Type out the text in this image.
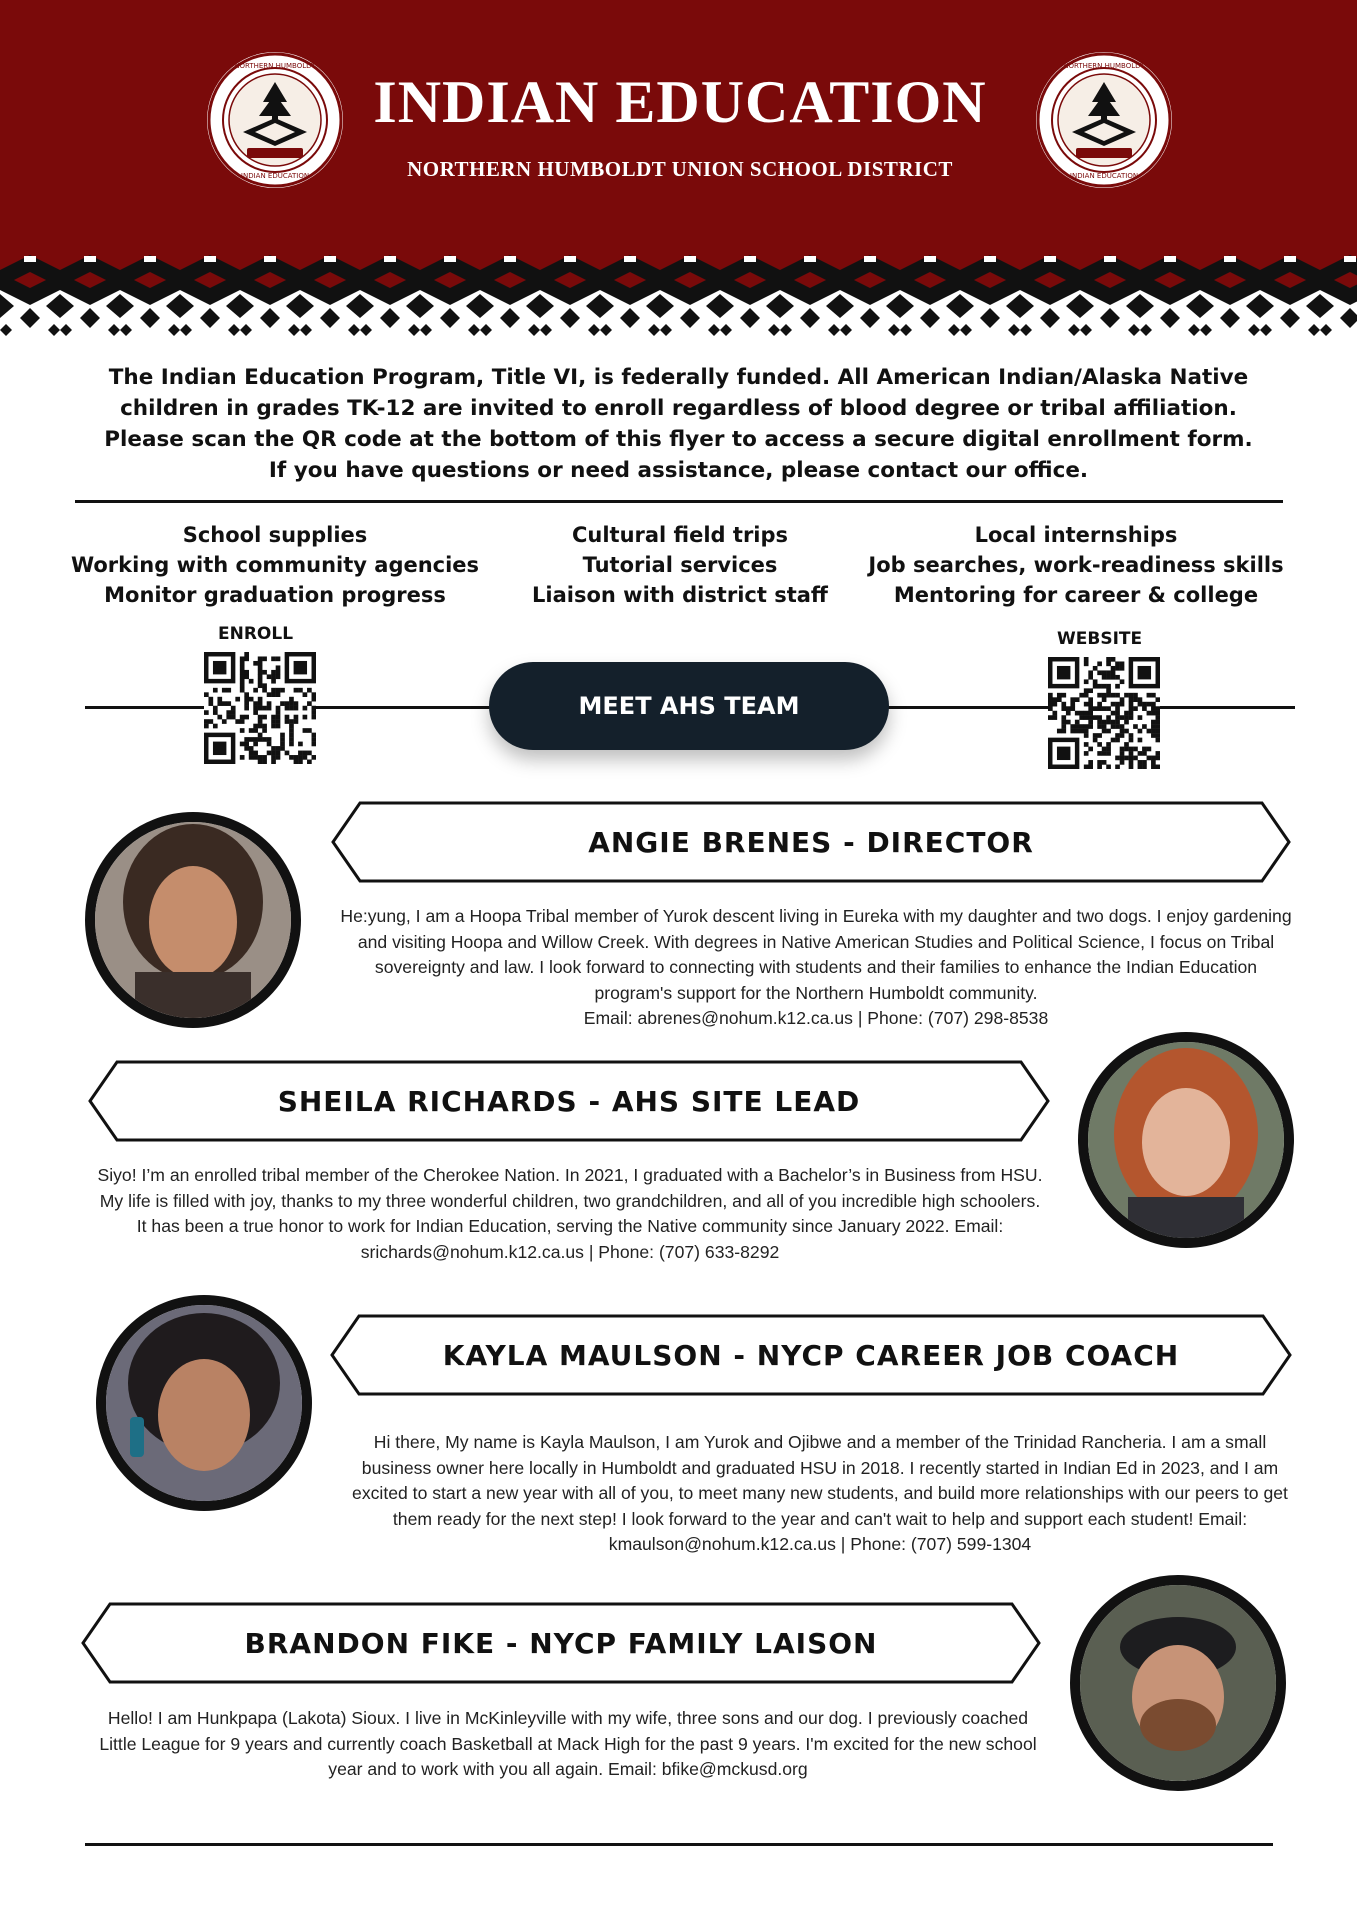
NORTHERN HUMBOLDT
INDIAN EDUCATION
INDIAN EDUCATION
NORTHERN HUMBOLDT UNION SCHOOL DISTRICT
NORTHERN HUMBOLDT
INDIAN EDUCATION

The Indian Education Program, Title VI, is federally funded. All American Indian/Alaska Native children in grades TK-12 are invited to enroll regardless of blood degree or tribal affiliation. Please scan the QR code at the bottom of this flyer to access a secure digital enrollment form. If you have questions or need assistance, please contact our office.

School supplies
Working with community agencies
Monitor graduation progress
Cultural field trips
Tutorial services
Liaison with district staff
Local internships
Job searches, work-readiness skills
Mentoring for career & college
ENROLL
MEET AHS TEAM
WEBSITE
ANGIE BRENES - DIRECTOR
He:yung, I am a Hoopa Tribal member of Yurok descent living in Eureka with my daughter and two dogs. I enjoy gardening and visiting Hoopa and Willow Creek. With degrees in Native American Studies and Political Science, I focus on Tribal sovereignty and law. I look forward to connecting with students and their families to enhance the Indian Education program's support for the Northern Humboldt community.
Email: abrenes@nohum.k12.ca.us | Phone: (707) 298-8538
SHEILA RICHARDS - AHS SITE LEAD
Siyo! I’m an enrolled tribal member of the Cherokee Nation. In 2021, I graduated with a Bachelor’s in Business from HSU. My life is filled with joy, thanks to my three wonderful children, two grandchildren, and all of you incredible high schoolers. It has been a true honor to work for Indian Education, serving the Native community since January 2022. Email: srichards@nohum.k12.ca.us | Phone: (707) 633-8292
KAYLA MAULSON - NYCP CAREER JOB COACH
Hi there, My name is Kayla Maulson, I am Yurok and Ojibwe and a member of the Trinidad Rancheria. I am a small business owner here locally in Humboldt and graduated HSU in 2018. I recently started in Indian Ed in 2023, and I am excited to start a new year with all of you, to meet many new students, and build more relationships with our peers to get them ready for the next step! I look forward to the year and can't wait to help and support each student! Email: kmaulson@nohum.k12.ca.us | Phone: (707) 599-1304
BRANDON FIKE - NYCP FAMILY LAISON
Hello! I am Hunkpapa (Lakota) Sioux. I live in McKinleyville with my wife, three sons and our dog. I previously coached Little League for 9 years and currently coach Basketball at Mack High for the past 9 years. I'm excited for the new school year and to work with you all again. Email: bfike@mckusd.org
